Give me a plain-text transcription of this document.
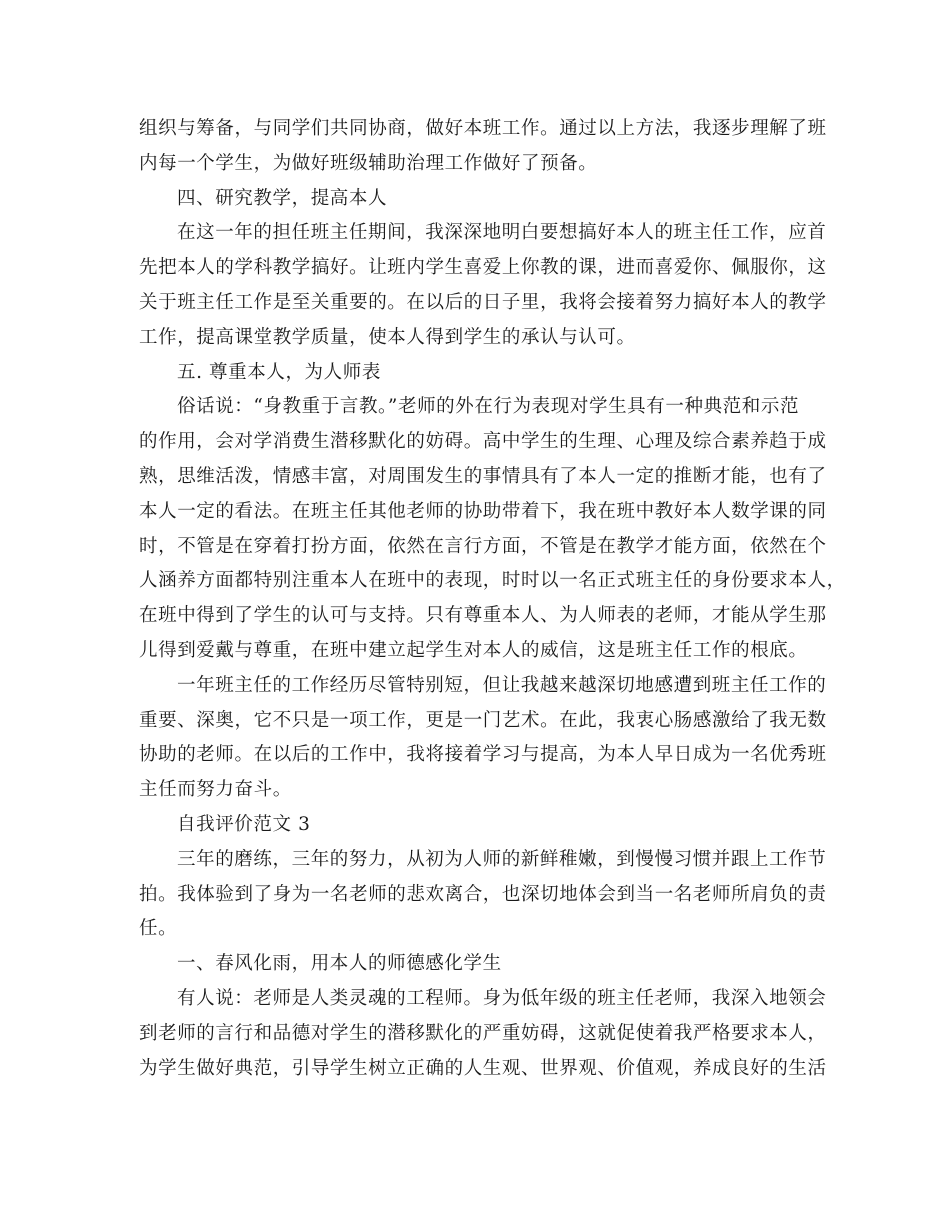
组织与筹备，与同学们共同协商，做好本班工作。通过以上方法，我逐步理解了班
内每一个学生，为做好班级辅助治理工作做好了预备。
四、研究教学，提高本人
在这一年的担任班主任期间，我深深地明白要想搞好本人的班主任工作，应首
先把本人的学科教学搞好。让班内学生喜爱上你教的课，进而喜爱你、佩服你，这
关于班主任工作是至关重要的。在以后的日子里，我将会接着努力搞好本人的教学
工作，提高课堂教学质量，使本人得到学生的承认与认可。
五. 尊重本人，为人师表
俗话说：“身教重于言教。”老师的外在行为表现对学生具有一种典范和示范
的作用，会对学消费生潜移默化的妨碍。高中学生的生理、心理及综合素养趋于成
熟，思维活泼，情感丰富，对周围发生的事情具有了本人一定的推断才能，也有了
本人一定的看法。在班主任其他老师的协助带着下，我在班中教好本人数学课的同
时，不管是在穿着打扮方面，依然在言行方面，不管是在教学才能方面，依然在个
人涵养方面都特别注重本人在班中的表现，时时以一名正式班主任的身份要求本人，
在班中得到了学生的认可与支持。只有尊重本人、为人师表的老师，才能从学生那
儿得到爱戴与尊重，在班中建立起学生对本人的威信，这是班主任工作的根底。
一年班主任的工作经历尽管特别短，但让我越来越深切地感遭到班主任工作的
重要、深奥，它不只是一项工作，更是一门艺术。在此，我衷心肠感激给了我无数
协助的老师。在以后的工作中，我将接着学习与提高，为本人早日成为一名优秀班
主任而努力奋斗。
自我评价范文 3
三年的磨练，三年的努力，从初为人师的新鲜稚嫩，到慢慢习惯并跟上工作节
拍。我体验到了身为一名老师的悲欢离合，也深切地体会到当一名老师所肩负的责
任。
一、春风化雨，用本人的师德感化学生
有人说：老师是人类灵魂的工程师。身为低年级的班主任老师，我深入地领会
到老师的言行和品德对学生的潜移默化的严重妨碍，这就促使着我严格要求本人，
为学生做好典范，引导学生树立正确的人生观、世界观、价值观，养成良好的生活
